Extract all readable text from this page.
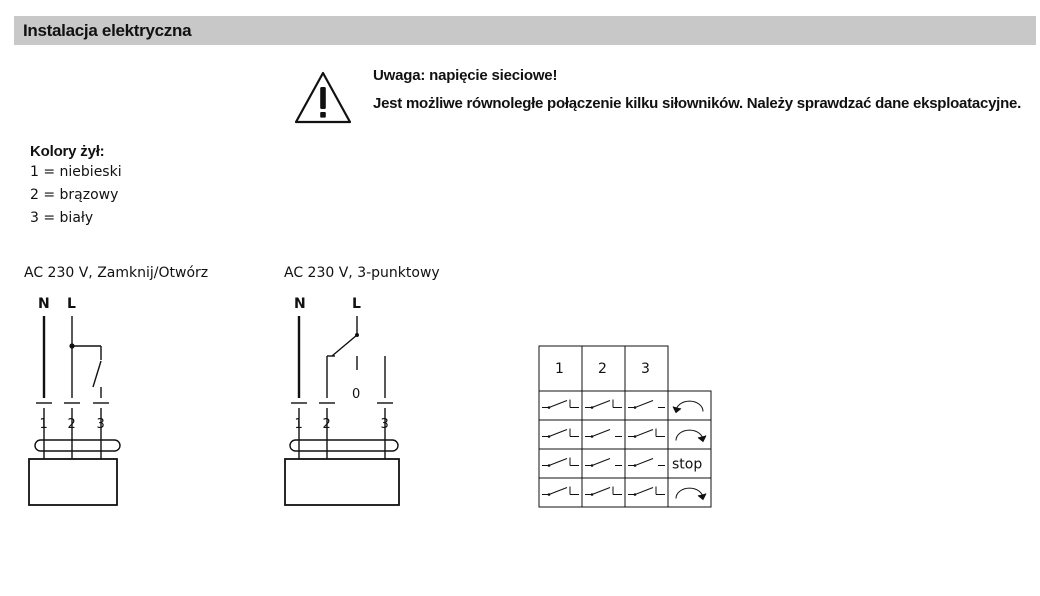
Instalacja elektryczna
Uwaga: napięcie sieciowe!
Jest możliwe równoległe połączenie kilku siłowników. Należy sprawdzać dane eksploatacyjne.
Kolory żył:
1 = niebieski
2 = brązowy
3 = biały
AC 230 V, Zamknij/Otwórz	AC 230 V, 3-punktowy
N L
1 2 3
N	L
0
1 2	3
1 2 3
stop
